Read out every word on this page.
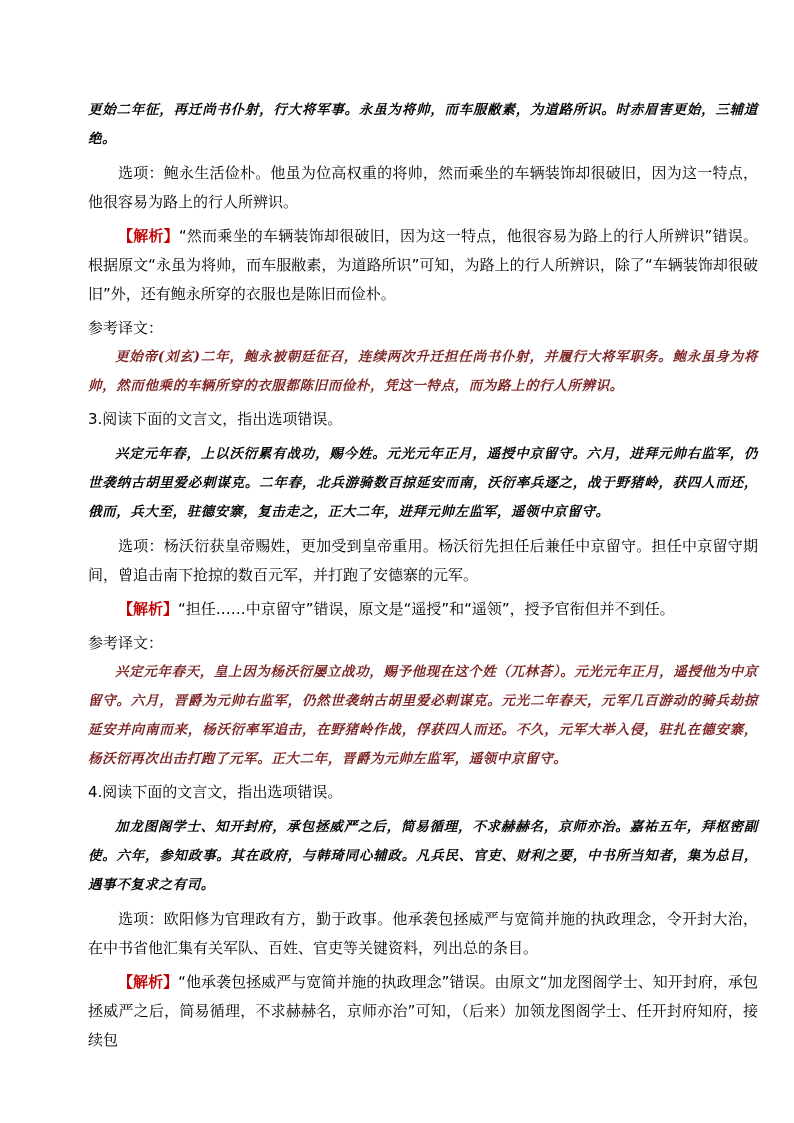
更始二年征，再迁尚书仆射，行大将军事。永虽为将帅，而车服敝素，为道路所识。时赤眉害更始，三辅道绝。

选项：鲍永生活俭朴。他虽为位高权重的将帅，然而乘坐的车辆装饰却很破旧，因为这一特点，他很容易为路上的行人所辨识。

【解析】“然而乘坐的车辆装饰却很破旧，因为这一特点，他很容易为路上的行人所辨识”错误。根据原文“永虽为将帅，而车服敝素，为道路所识”可知，为路上的行人所辨识，除了“车辆装饰却很破旧”外，还有鲍永所穿的衣服也是陈旧而俭朴。

参考译文：

更始帝(刘玄)二年，鲍永被朝廷征召，连续两次升迁担任尚书仆射，并履行大将军职务。鲍永虽身为将帅，然而他乘的车辆所穿的衣服都陈旧而俭朴，凭这一特点，而为路上的行人所辨识。

3.阅读下面的文言文，指出选项错误。

兴定元年春，上以沃衍累有战功，赐今姓。元光元年正月，遥授中京留守。六月，进拜元帅右监军，仍世袭纳古胡里爱必剌谋克。二年春，北兵游骑数百掠延安而南，沃衍率兵逐之，战于野猪岭，获四人而还，俄而，兵大至，驻德安寨，复击走之，正大二年，进拜元帅左监军，遥领中京留守。

选项：杨沃衍获皇帝赐姓，更加受到皇帝重用。杨沃衍先担任后兼任中京留守。担任中京留守期间，曾追击南下抢掠的数百元军，并打跑了安德寨的元军。

【解析】“担任……中京留守”错误，原文是“遥授”和“遥领”，授予官衔但并不到任。

参考译文：

兴定元年春天，皇上因为杨沃衍屡立战功，赐予他现在这个姓（兀林荅）。元光元年正月，遥授他为中京留守。六月，晋爵为元帅右监军，仍然世袭纳古胡里爱必剌谋克。元光二年春天，元军几百游动的骑兵劫掠延安并向南而来，杨沃衍率军追击，在野猪岭作战，俘获四人而还。不久，元军大举入侵，驻扎在德安寨，杨沃衍再次出击打跑了元军。正大二年，晋爵为元帅左监军，遥领中京留守。

4.阅读下面的文言文，指出选项错误。

加龙图阁学士、知开封府，承包拯威严之后，简易循理，不求赫赫名，京师亦治。嘉祐五年，拜枢密副使。六年，参知政事。其在政府，与韩琦同心辅政。凡兵民、官吏、财利之要，中书所当知者，集为总目，遇事不复求之有司。

选项：欧阳修为官理政有方，勤于政事。他承袭包拯威严与宽简并施的执政理念，令开封大治，在中书省他汇集有关军队、百姓、官吏等关键资料，列出总的条目。

【解析】“他承袭包拯威严与宽简并施的执政理念”错误。由原文“加龙图阁学士、知开封府，承包拯威严之后，简易循理，不求赫赫名，京师亦治”可知，（后来）加领龙图阁学士、任开封府知府，接续包
